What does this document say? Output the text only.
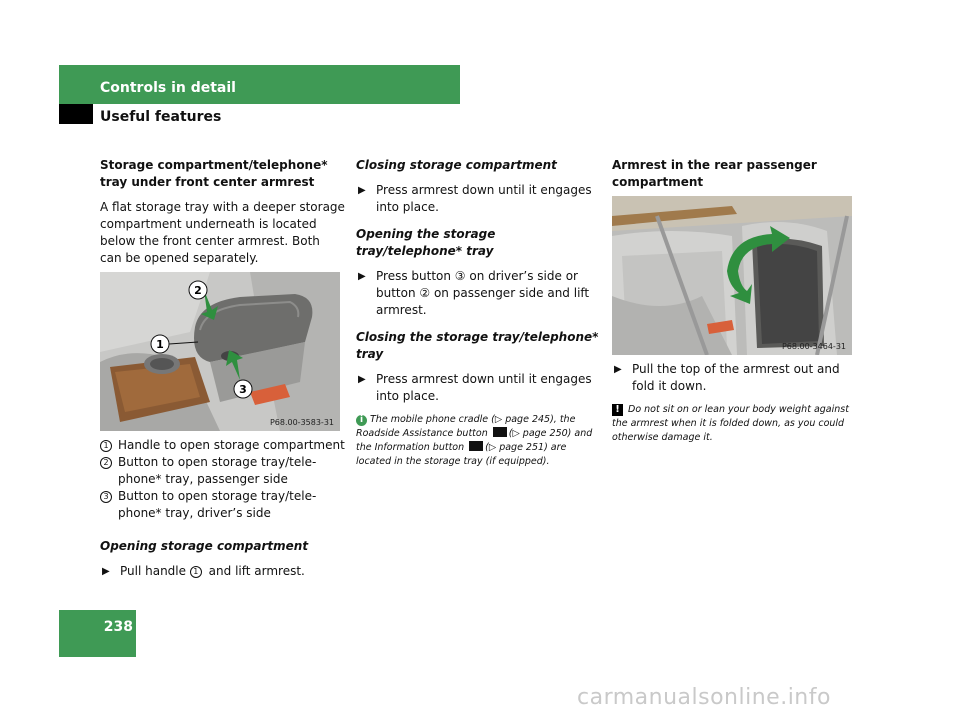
Controls in detail
Useful features

Storage compartment/telephone* tray under front center armrest

A flat storage tray with a deeper storage compartment underneath is located below the front center armrest. Both can be opened separately.

2
1
3
P68.00-3583-31

1 Handle to open storage compartment

2 Button to open storage tray/tele-phone* tray, passenger side

3 Button to open storage tray/tele-phone* tray, driver’s side

Opening storage compartment

▶ Pull handle 1 and lift armrest.

Closing storage compartment

▶ Press armrest down until it engages into place.

Opening the storage tray/telephone* tray

▶ Press button ③ on driver’s side or button ② on passenger side and lift armrest.

Closing the storage tray/telephone* tray

▶ Press armrest down until it engages into place.

i The mobile phone cradle (▷ page 245), the Roadside Assistance button (▷ page 250) and the Information button (▷ page 251) are located in the storage tray (if equipped).

Armrest in the rear passenger compartment

P68.00-3464-31

▶ Pull the top of the armrest out and fold it down.

! Do not sit on or lean your body weight against the armrest when it is folded down, as you could otherwise damage it.

238
carmanualsonline.info
